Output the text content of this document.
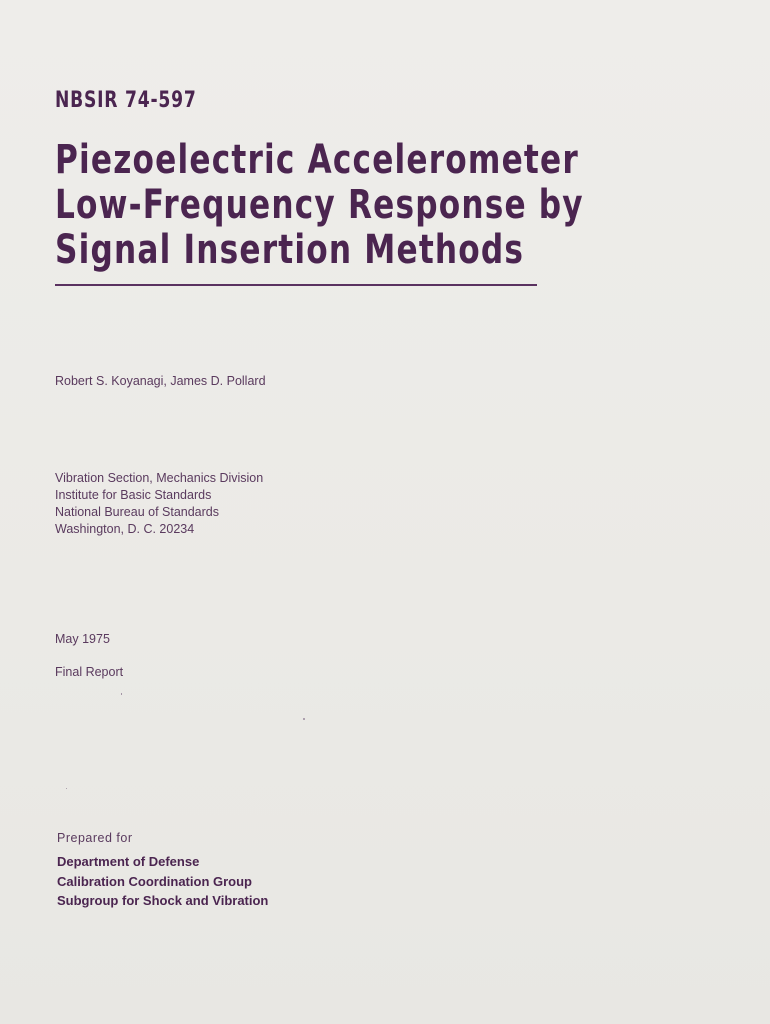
NBSIR 74-597
Piezoelectric Accelerometer
Low-Frequency Response by
Signal Insertion Methods
Robert S. Koyanagi, James D. Pollard
Vibration Section, Mechanics Division
Institute for Basic Standards
National Bureau of Standards
Washington, D. C. 20234
May 1975
Final Report
Prepared for
Department of Defense
Calibration Coordination Group
Subgroup for Shock and Vibration
